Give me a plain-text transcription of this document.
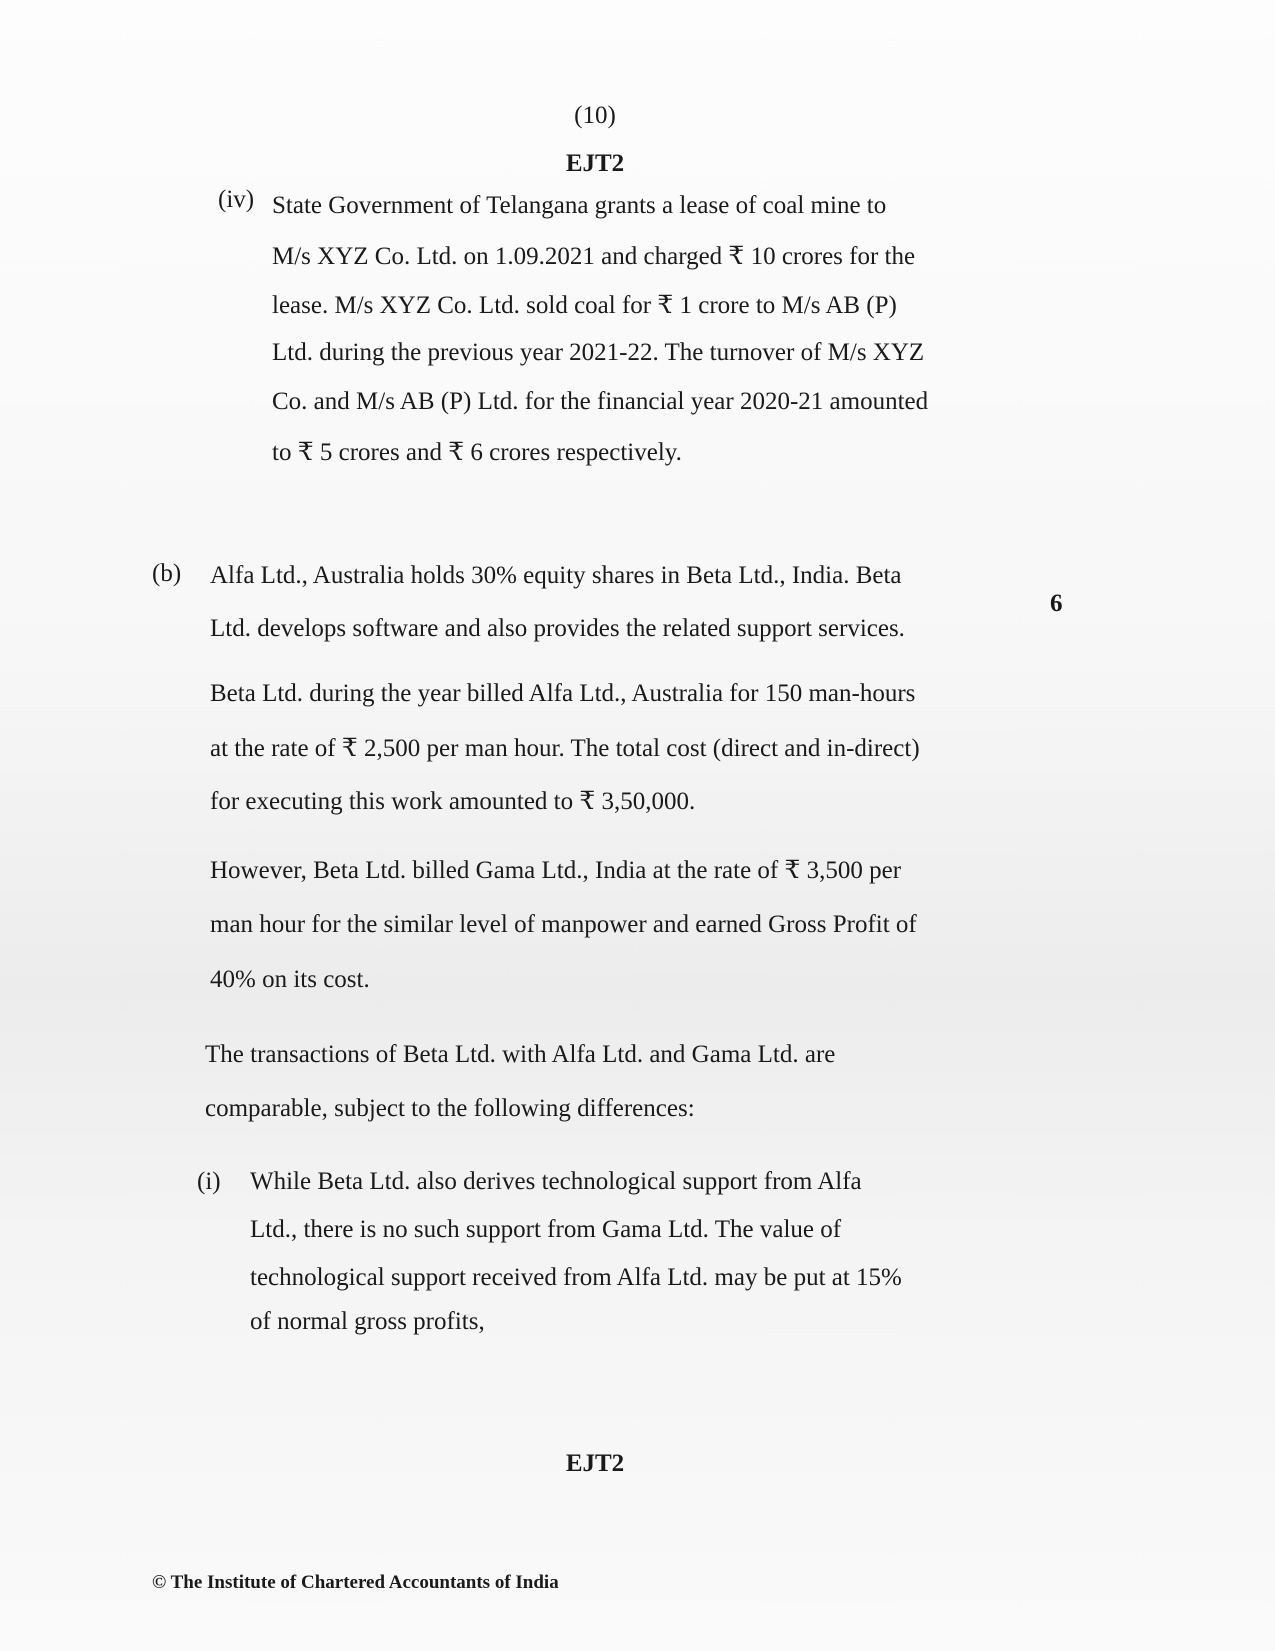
(10)
EJT2
(iv) State Government of Telangana grants a lease of coal mine to
M/s XYZ Co. Ltd. on 1.09.2021 and charged ₹ 10 crores for the
lease. M/s XYZ Co. Ltd. sold coal for ₹ 1 crore to M/s AB (P)
Ltd. during the previous year 2021-22. The turnover of M/s XYZ
Co. and M/s AB (P) Ltd. for the financial year 2020-21 amounted
to ₹ 5 crores and ₹ 6 crores respectively.
(b)
6
Alfa Ltd., Australia holds 30% equity shares in Beta Ltd., India. Beta
Ltd. develops software and also provides the related support services.
Beta Ltd. during the year billed Alfa Ltd., Australia for 150 man-hours
at the rate of ₹ 2,500 per man hour. The total cost (direct and in-direct)
for executing this work amounted to ₹ 3,50,000.
However, Beta Ltd. billed Gama Ltd., India at the rate of ₹ 3,500 per
man hour for the similar level of manpower and earned Gross Profit of
40% on its cost.
The transactions of Beta Ltd. with Alfa Ltd. and Gama Ltd. are
comparable, subject to the following differences:
(i) While Beta Ltd. also derives technological support from Alfa
Ltd., there is no such support from Gama Ltd. The value of
technological support received from Alfa Ltd. may be put at 15%
of normal gross profits,
EJT2
© The Institute of Chartered Accountants of India
